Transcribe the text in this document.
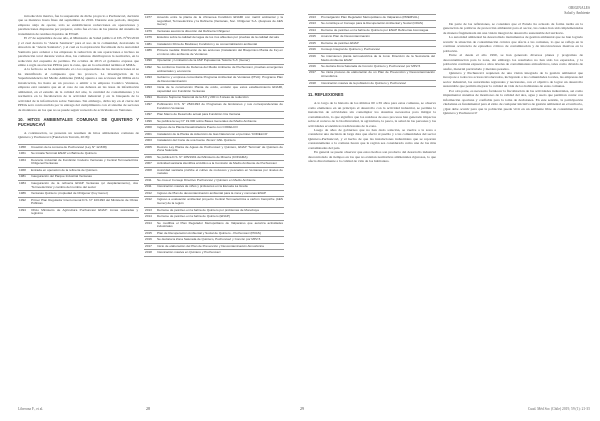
introducción masiva, fue la suspensión de dicho proyecto a Puchuncaví, decisión que se mantuvo hasta fines del septiembre de 2016. Durante este período, ninguna empresa aleja de operar, sólo se estabilicieron reducciones en operaciones y paralizaciones dispuestas por preparar, como fue el caso de las plantas del sistema de transmisión de residuos líquidos de ENAP.

El 27 de septiembre de ese año, el Ministerio de Salud publicó el DS. N°95/2016 y el cual decreta la "Alerta Sanitaria" para el uso de la comunidad, decretando la situación de "Alerta Sanitaria", y el cual es la explotación fiscalizada de la Autoridad Sanitaria para ordenar a las empresas la reducción de sus operaciones e incluso su paralización total durante varios días, las comunas distribuyeron la normativa, en la reducción del esquema de permiso. En octubre de 2015 el gobierno expresa que emite a regla asociacion PPDA para la zona, que en la actualidad termina el MMA.

A la fecha no se ha determinado el o los responsables de las intoxicaciones ni se ha identificado el compuesto que las provocó. La investigación de la Superintendencia del Medio Ambiente (SMA) apunta a sus acciones del MMA en la intoxicación, ha hasta en un proceso a emitir a la empresa Codelco Ventanas, empresa está sustenta que en el caso de sus deberes en las áreas de información ambiental, en el estudio de la calidad del aire, la cantidad de contaminantes y la normativa en la fiscalización de la actividad industrial y en la búsqueda de la actividad de la información sobre Ventanas. Sin embargo, dicha ley en el cierre del PPDA será controvertida por la entrega del cumplimiento con el sistema de sectores de monitoreo en los que no se puede seguir recuerdo de actividades en Ventanas.

10. HITOS AMBIENTALES COMUNAS DE QUINTERO Y PUCHUNCAVÍ

A continuación, se presenta un resumen de hitos ambientales comunas de Quintero y Puchuncaví (Fundación Terram, 2018):

1958	Creación de la comuna de Puchuncaví (Ley N° 12.838)
1961	Se instala Terminal ENAP en Bahía de Quintero
1964	Descarte industrial de Fundición Codelco Ventanas y Central Termoeléctrica Chilgener/Ventanas
1968	Entrada en operación de la refinería de Quintero
1981	Inauguración del Parque Industrial Ventanas
1984	Inauguración de la refinería ENAP Ventanas (el desplazamiento), dos 'Termoeléctrica' y cambio del nombre del sector
1986	Ventanas Quintero: propiedad de Chilgener (hoy Gener)
1992	Primer Plan Regulador Intercomunal D.S. N° 10/1993 del Ministerio de Obras Públicas
1994	Oficio Ministerio de Agricultura Puchuncaví ENAP: zonas saturadas y registros
1977	Acuerdo entre la planta de la chimenea Fundición ENAMI con matriz ambiental y la seguridad, Termoeléctrica y la Refinería (Ventanas, Soc. Chilgener S.A. (después de AES Gener)
1979	Ventanas asumió la dirección del Refinería Chilgener
1979	Estudios sobre la calidad del agua de los ríos afluentes por pruebas de la calidad del aire
1981	Instalación Fibra de Biodiésel, Fundición y su comercialización ambiental
1986	Primera medida: Distribución de las acciones (Instalación del Bioquímico Planta de Fe) en el mismo sitio ambiente de Ventanas
1990	Operación y Limitación de la ASP Pupuatenna 'Solorte S.A' (Gener)
1992	Se conforma Comité de Defensa del Medio Ambiente de Puchuncaví, pruebas emergentes ambientales y economía
1993	Gobierno y empresa comunitaria Programa Ambiental de Ventanas (PIVA): Programa Plan de Descontaminación
1993	Inicia de la construcción Planta de oxido, emisión que estos establecimiento ENAMI, capacidad con Fundición Ventanas
1994	Decreto Supremo Nacional de la 8.0 y 200 m 3 áreas de reducción
1997	Publicación D.S. N° 252/1993 de Programas de Emisiones y sus correspondencias de Fundición Ventanas
1997	Plan Marco de Desarrollo actual para Fundición Cía Ventana
1999	Se publica la Ley N° 19.300 sobre Bases Generales del Medio Ambiente
2000	Ingreso de la Planta Desalinizadora Puerto con CODELCO
2001	Instalación de la Planta de Adsorción de Gas Natural con el permiso 'CODELCO'
2003	Instalación del Corte de una fuente 'Alcoro' GNL Quintero
2005	Decreto Ley Planta de Aguas de Puchuncaví y Quintero, ENAP 'Terminal' de Quintero de Zona Saturada
2006	Se publica D.S. N° 185/1991 del Ministerio de Minería (CONAMA)
2007	Actividad sanitaria identifica al Aditivo a la Comisión de Medio Ambiente de Puchuncaví
2008	Autoridad sanitaria prohíbe el cultivo de moluscos y pescados en Ventanas por niveles de metales
2011	Se crea el Consejo Directivo Puchuncaví y Quintero en Medio Ambiente
2011	Intoxicación masiva de niños y profesores en la Escuela La Greda
2012	Ingreso de Plan de descontaminación ambiental para la zona y comunas ENAP
2012	Ingreso a evaluación ambiental proyecto Central Termoeléctrica a carbón Campiche (AES Gener) de la región
2013	Derrame de petróleo en la bahía de Quintero por problemas de Monoboya
2014	Derrame de petróleo en la bahía de Quintero (ENAP)
2014	Se modifica el Plan Regulador Metropolitano de Valparaíso que autoriza actividades industriales
2015	Plan de Recuperación Ambiental y Social de Quintero - Puchuncaví (PRAS)
2016	Se declara la Zona Saturada de Quintero, Puchuncaví y Concón por MP2.5
2017	Inicio de elaboración del Plan de Prevención y Descontaminación Atmosférica
2018	Intoxicación masiva en Quintero y Puchuncaví
Liberona F., et al.	28
ORIGINALES
Salud y Ambiente
2013	Promulgación Plan Regulador Metropolitano de Valparaíso (PREMVAL)
2013	Se constituye el Consejo para la Recuperación Ambiental y Social (CRAS)
2014	Derrame de petróleo en la bahía de Quintero por ENAP Refinerías Aconcagua
2015	Anuncio Plan de Descontaminación
2015	Derrame de petróleo ENAP
2016	Consejo Integral de Quintero y Puchuncaví
2016	Se intervienen planta termoeléctrica de la zona: Dirección de la Secretaría del Medio Ambiente ENAP
2016	Se declara Zona Saturada de Concón Quintero y Puchuncaví por MP2.5
2017	Se inicia proceso de elaboración de un Plan de Prevención y Descontaminación Atmosférica
2018	Intoxicación masiva de la población de Quintero y Puchuncaví
11. REFLEXIONES

A lo largo de la historia de los últimos 60 a 65 años para estas comunas, se observa como elementos en un principio el desarrollo con la actividad industrial, se permite la instalación de actividades sin contemplar los sistemas necesarios para mitigar la contaminación, lo que significa que los residuos de esos procesos han generado impactos sobre el recurso de la biodiversidad, la agricultura, la pesca, la salud de las personas y las actividades económicas tradicionales de la zona.

Luego de años de gobiernos que no han dado solución, se vuelve a la zona a considerar una decisión de larga data que afectó al pueblo y a las comunidades del sector Quintero-Puchuncaví, y el hecho de que las instalaciones industriales que se reportan constantemente a la comuna hacen que la región sea considerada como una de las más contaminadas del país.

En general se puede observar que estos hechos son producto del desarrollo industrial descontrolado de tiempos en los que no existían normativas ambientales rigurosas, lo que afecta directamente a la calidad de vida de los habitantes.

De parte de las reflexiones, se considera que el Estado ha actuado de forma tardía en la generación de políticas de protección ambiental para el sector, las cuales han sido implementadas de manera fragmentada sin una visión integral de desarrollo sustentable del territorio.

La autoridad ambiental ha desarrollado instrumentos de gestión ambiental que no han logrado revertir la situación de contaminación crónica que afecta a las comunas, lo que se refleja en la continua ocurrencia de episodios críticos de contaminación y de intoxicaciones masivas en la población.

Entre el desde el año 1990, se han generado diversos planes y programas de descontaminación para la zona, sin embargo los resultados no han sido los esperados, y la población continúa expuesta a altos niveles de contaminantes atmosféricos, tales como dióxido de azufre, material particulado y metales pesados.

Quintero y Puchuncaví requieren de una visión integrada de la gestión ambiental que incorpore a todos los actores involucrados, incluyendo a las comunidades locales, las empresas del sector industrial, las autoridades regionales y nacionales, con el objetivo de lograr un desarrollo sustentable que permita mejorar la calidad de vida de los habitantes de estas comunas.

Por otra parte, es necesario fortalecer la fiscalización de las actividades industriales, así como implementar sistemas de monitoreo de la calidad del aire, agua y suelo que permitan contar con información oportuna y confiable para la toma de decisiones. En este sentido, la participación ciudadana es fundamental para el éxito de cualquier iniciativa de gestión ambiental en el territorio, ¿Qué debe ocurrir para que la población pueda vivir en un ambiente libre de contaminación en Quintero y Puchuncaví?

29	Cuad. Méd Soc (Chile) 2019, 59 (1): 21-35
